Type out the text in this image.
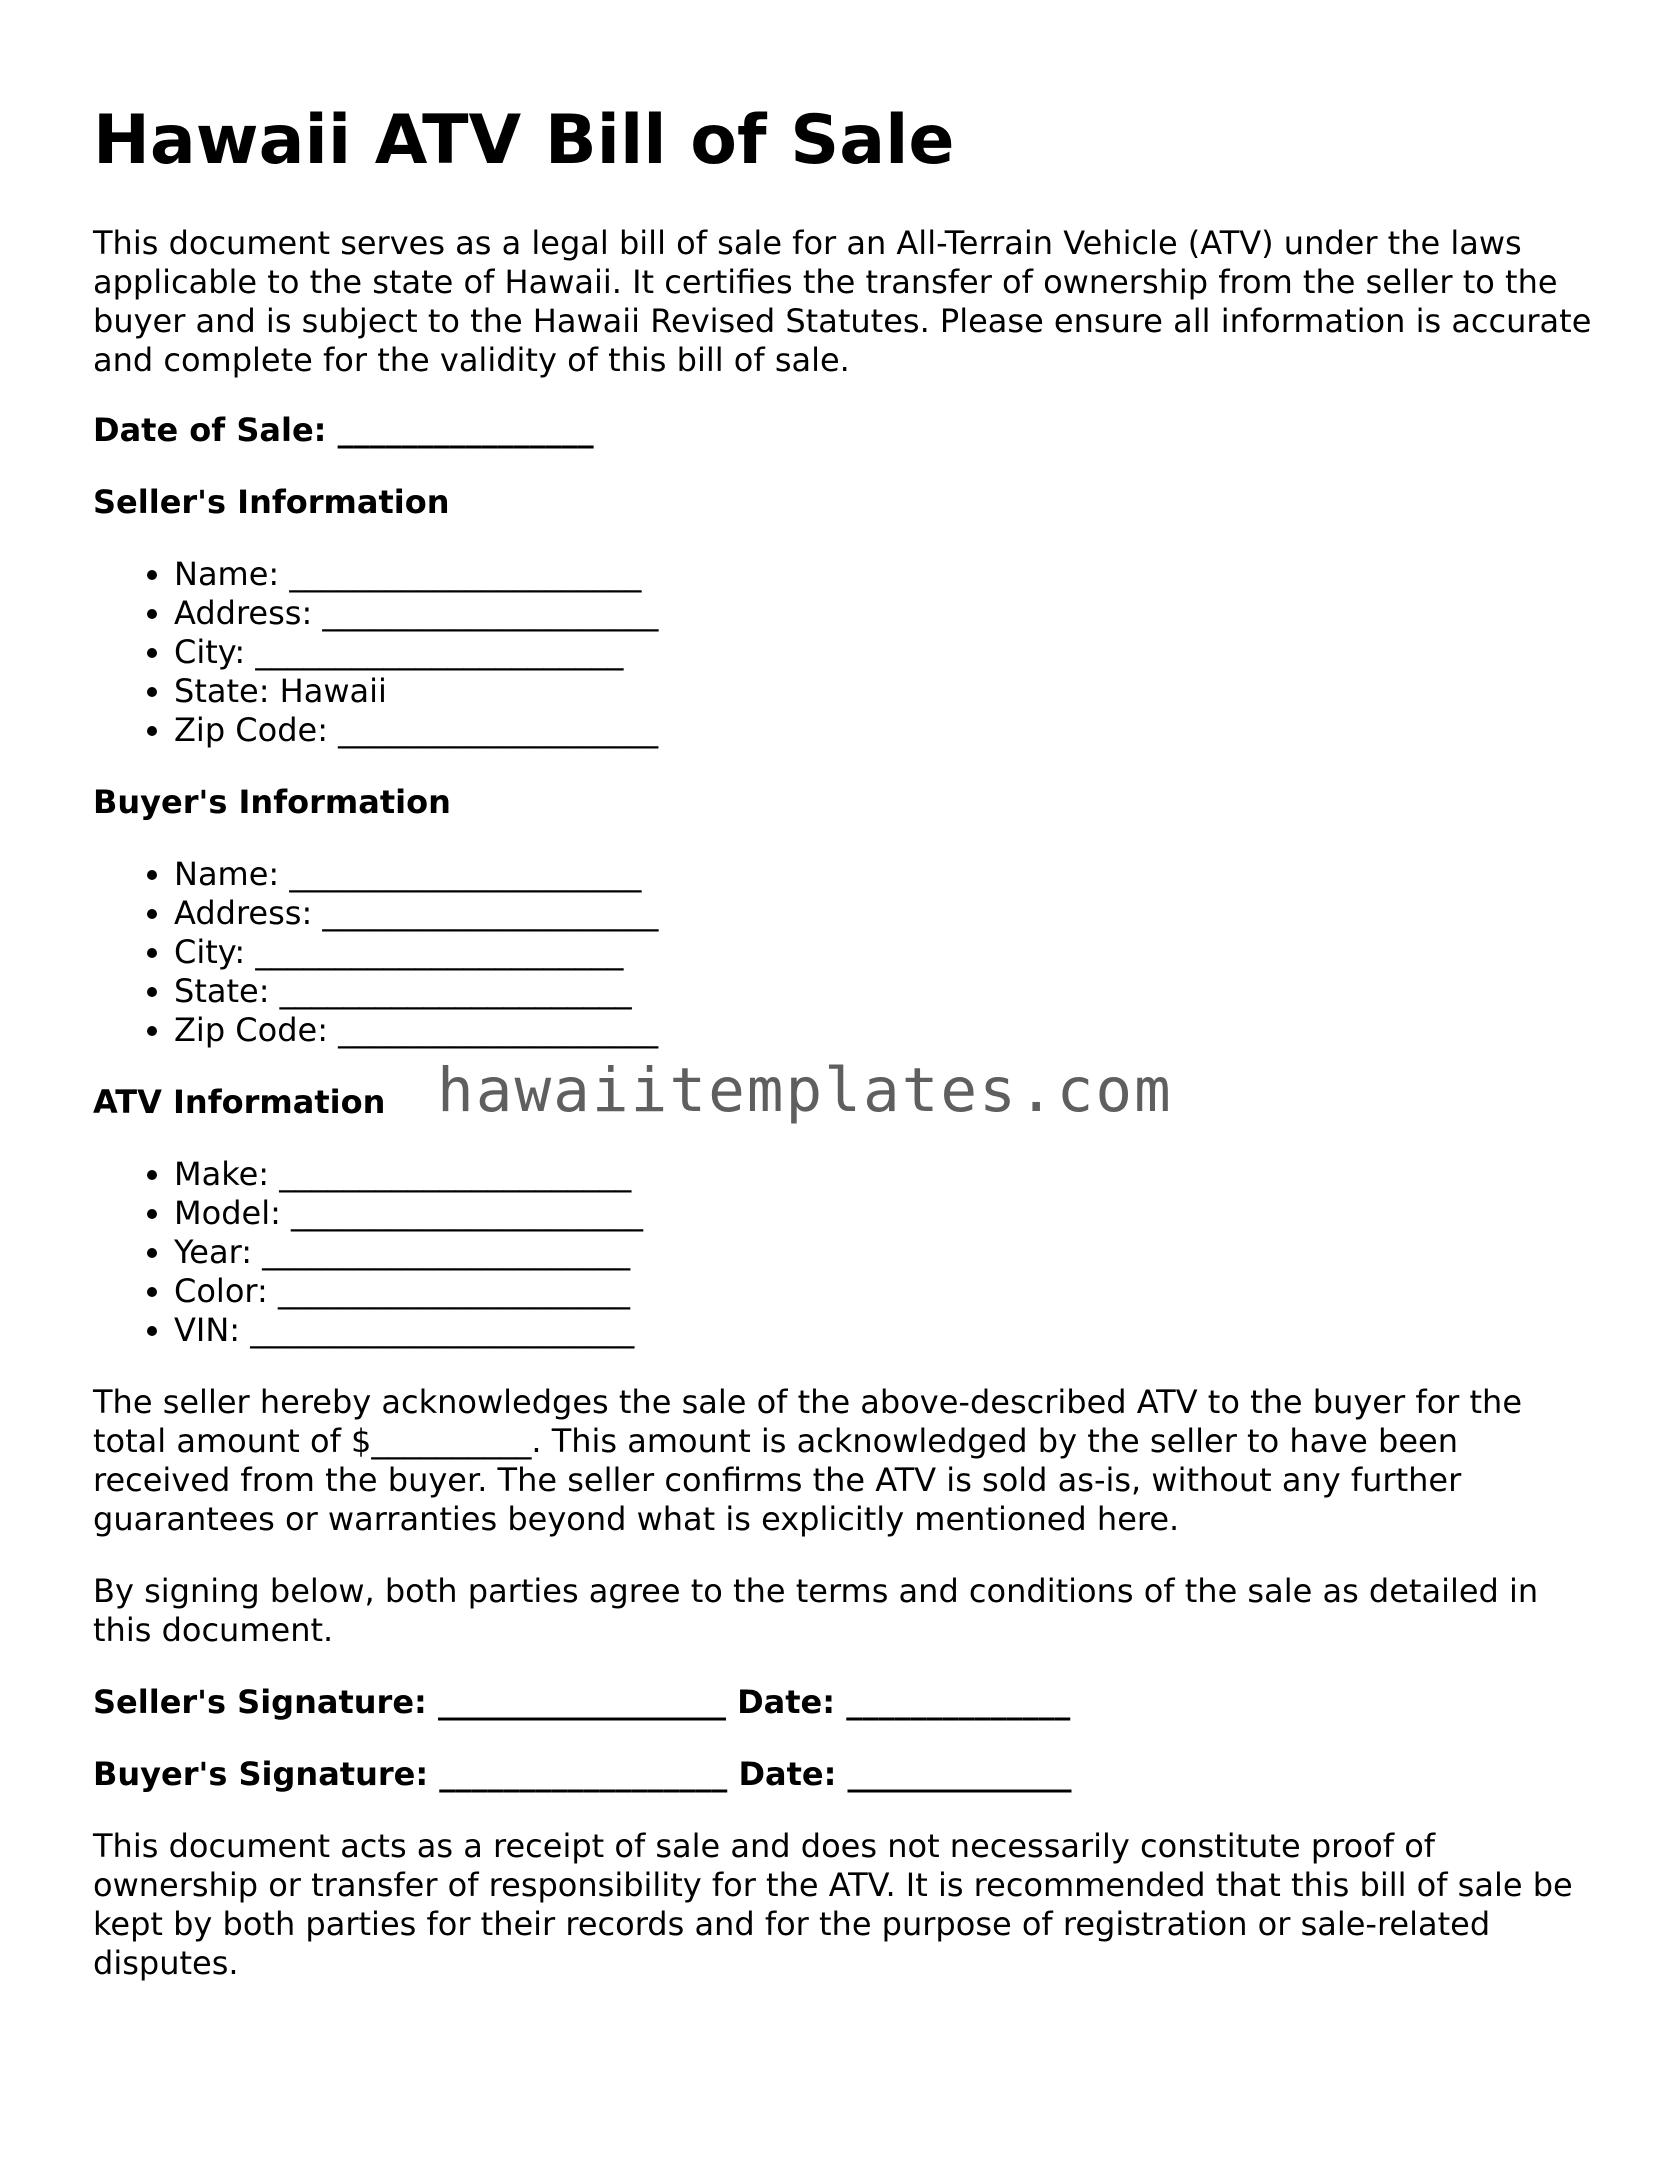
Hawaii ATV Bill of Sale

This document serves as a legal bill of sale for an All-Terrain Vehicle (ATV) under the laws applicable to the state of Hawaii. It certifies the transfer of ownership from the seller to the buyer and is subject to the Hawaii Revised Statutes. Please ensure all information is accurate and complete for the validity of this bill of sale.

Date of Sale: ________________
Seller's Information
• Name: ______________________
• Address: _____________________
• City: _______________________
• State: Hawaii
• Zip Code: ____________________
Buyer's Information
• Name: ______________________
• Address: _____________________
• City: _______________________
• State: ______________________
• Zip Code: ____________________
ATV Information
• Make: ______________________
• Model: ______________________
• Year: _______________________
• Color: ______________________
• VIN: ________________________

The seller hereby acknowledges the sale of the above-described ATV to the buyer for the total amount of $__________. This amount is acknowledged by the seller to have been received from the buyer. The seller confirms the ATV is sold as-is, without any further guarantees or warranties beyond what is explicitly mentioned here.

By signing below, both parties agree to the terms and conditions of the sale as detailed in this document.

Seller's Signature: __________________ Date: ______________
Buyer's Signature: __________________ Date: ______________

This document acts as a receipt of sale and does not necessarily constitute proof of ownership or transfer of responsibility for the ATV. It is recommended that this bill of sale be kept by both parties for their records and for the purpose of registration or sale-related disputes.

hawaiitemplates.com
